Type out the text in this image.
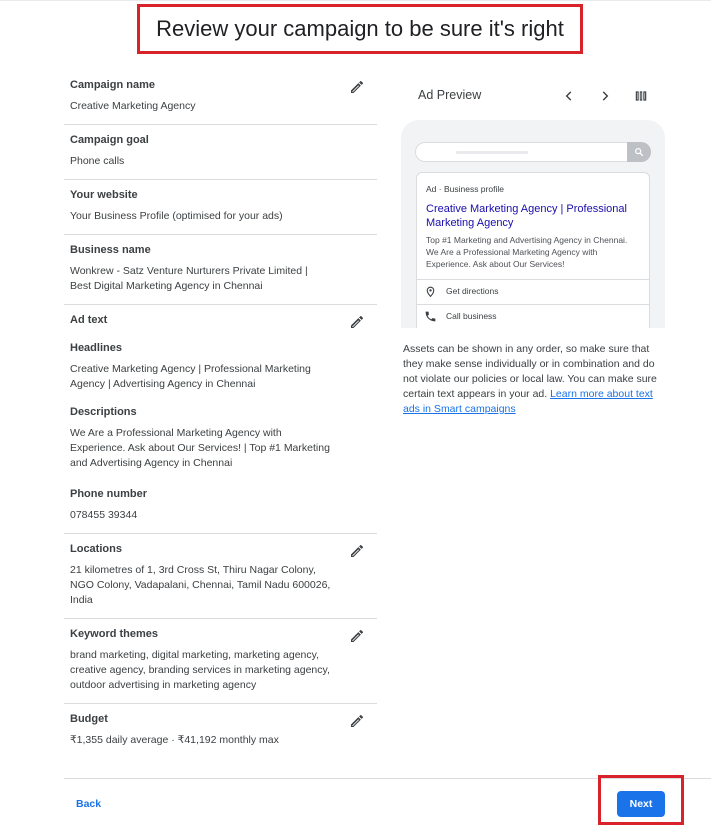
Review your campaign to be sure it's right
Campaign name
Creative Marketing Agency
Campaign goal
Phone calls
Your website
Your Business Profile (optimised for your ads)
Business name
Wonkrew - Satz Venture Nurturers Private Limited | Best Digital Marketing Agency in Chennai
Ad text
Headlines
Creative Marketing Agency | Professional Marketing Agency | Advertising Agency in Chennai
Descriptions
We Are a Professional Marketing Agency with Experience. Ask about Our Services! | Top #1 Marketing and Advertising Agency in Chennai
Phone number
078455 39344
Locations
21 kilometres of 1, 3rd Cross St, Thiru Nagar Colony, NGO Colony, Vadapalani, Chennai, Tamil Nadu 600026, India
Keyword themes
brand marketing, digital marketing, marketing agency, creative agency, branding services in marketing agency, outdoor advertising in marketing agency
Budget
₹1,355 daily average · ₹41,192 monthly max
Ad Preview
Ad · Business profile
Creative Marketing Agency | Professional Marketing Agency
Top #1 Marketing and Advertising Agency in Chennai. We Are a Professional Marketing Agency with Experience. Ask about Our Services!
Get directions
Call business
Assets can be shown in any order, so make sure that they make sense individually or in combination and do not violate our policies or local law. You can make sure certain text appears in your ad. Learn more about text ads in Smart campaigns
Back	Next
